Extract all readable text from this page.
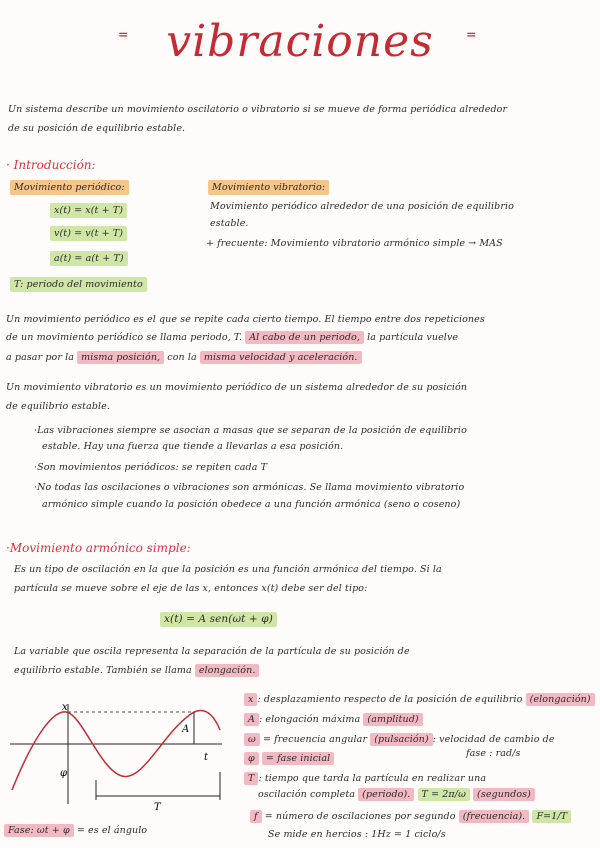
⁼ vibraciones	⁼
Un sistema describe un movimiento oscilatorio o vibratorio si se mueve de forma periódica alrededor
de su posición de equilibrio estable.
· Introducción:
Movimiento periódico:
x(t) = x(t + T)
v(t) = v(t + T)
a(t) = a(t + T)
T: periodo del movimiento
Movimiento vibratorio:
Movimiento periódico alrededor de una posición de equilibrio
estable.
+ frecuente: Movimiento vibratorio armónico simple → MAS
Un movimiento periódico es el que se repite cada cierto tiempo. El tiempo entre dos repeticiones
de un movimiento periódico se llama periodo, T. Al cabo de un periodo, la partícula vuelve
a pasar por la misma posición, con la misma velocidad y aceleración.
Un movimiento vibratorio es un movimiento periódico de un sistema alrededor de su posición
de equilibrio estable.
·Las vibraciones siempre se asocian a masas que se separan de la posición de equilibrio
estable. Hay una fuerza que tiende a llevarlas a esa posición.
·Son movimientos periódicos: se repiten cada T
·No todas las oscilaciones o vibraciones son armónicas. Se llama movimiento vibratorio
armónico simple cuando la posición obedece a una función armónica (seno o coseno)
·Movimiento armónico simple:
Es un tipo de oscilación en la que la posición es una función armónica del tiempo. Si la
partícula se mueve sobre el eje de las x, entonces x(t) debe ser del tipo:
x(t) = A sen(ωt + φ)
La variable que oscila representa la separación de la partícula de su posición de
equilibrio estable. También se llama elongación.
x
A
t
T
φ
x : desplazamiento respecto de la posición de equilibrio (elongación)
A : elongación máxima (amplitud)
ω = frecuencia angular (pulsación) : velocidad de cambio de
fase : rad/s
φ = fase inicial
T : tiempo que tarda la partícula en realizar una
oscilación completa (periodo). T = 2π/ω (segundos)
f = número de oscilaciones por segundo (frecuencia). F=1/T
Se mide en hercios : 1Hz = 1 ciclo/s
Fase: ωt + φ = es el ángulo
